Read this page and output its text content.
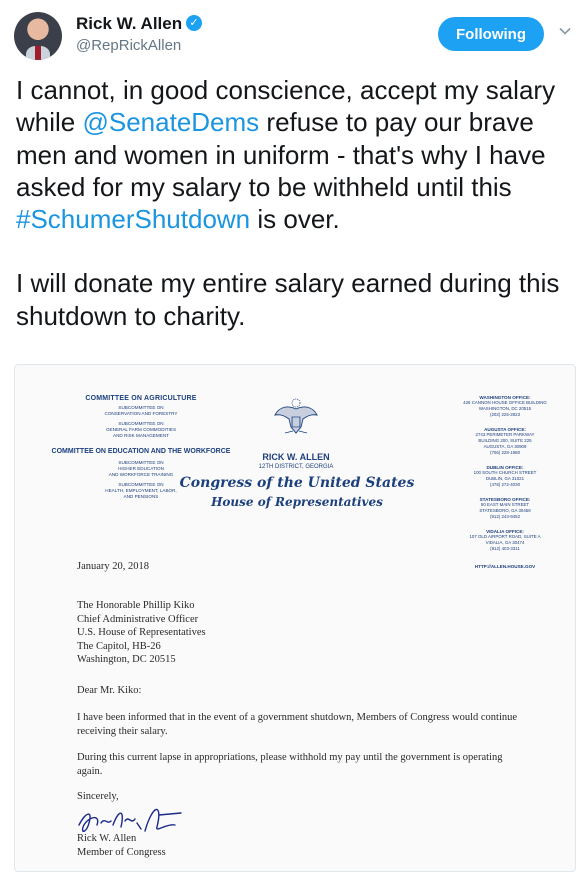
Rick W. Allen ✓
@RepRickAllen
Following

I cannot, in good conscience, accept my salary while @SenateDems refuse to pay our brave men and women in uniform - that's why I have asked for my salary to be withheld until this #SchumerShutdown is over.

I will donate my entire salary earned during this shutdown to charity.

COMMITTEE ON AGRICULTURE
SUBCOMMITTEE ON
CONSERVATION AND FORESTRY
SUBCOMMITTEE ON
GENERAL FARM COMMODITIES
AND RISK MANAGEMENT
COMMITTEE ON EDUCATION AND THE WORKFORCE
SUBCOMMITTEE ON
HIGHER EDUCATION
AND WORKFORCE TRAINING
SUBCOMMITTEE ON
HEALTH, EMPLOYMENT, LABOR,
AND PENSIONS
RICK W. ALLEN
12TH DISTRICT, GEORGIA
Congress of the United States
House of Representatives
WASHINGTON OFFICE:
426 CANNON HOUSE OFFICE BUILDING
WASHINGTON, DC 20515
(202) 225-2823
AUGUSTA OFFICE:
2743 PERIMETER PARKWAY
BUILDING 200, SUITE 225
AUGUSTA, GA 30909
(706) 228-1980
DUBLIN OFFICE:
100 SOUTH CHURCH STREET
DUBLIN, GA 31021
(478) 272-4030
STATESBORO OFFICE:
50 EAST MAIN STREET
STATESBORO, GA 30458
(912) 243-9452
VIDALIA OFFICE:
107 OLD AIRPORT ROAD, SUITE A
VIDALIA, GA 30474
(912) 403-3311
HTTP://ALLEN.HOUSE.GOV
January 20, 2018
The Honorable Phillip Kiko
Chief Administrative Officer
U.S. House of Representatives
The Capitol, HB-26
Washington, DC 20515
Dear Mr. Kiko:
I have been informed that in the event of a government shutdown, Members of Congress would continue receiving their salary.
During this current lapse in appropriations, please withhold my pay until the government is operating again.
Sincerely,
Rick W. Allen
Member of Congress
